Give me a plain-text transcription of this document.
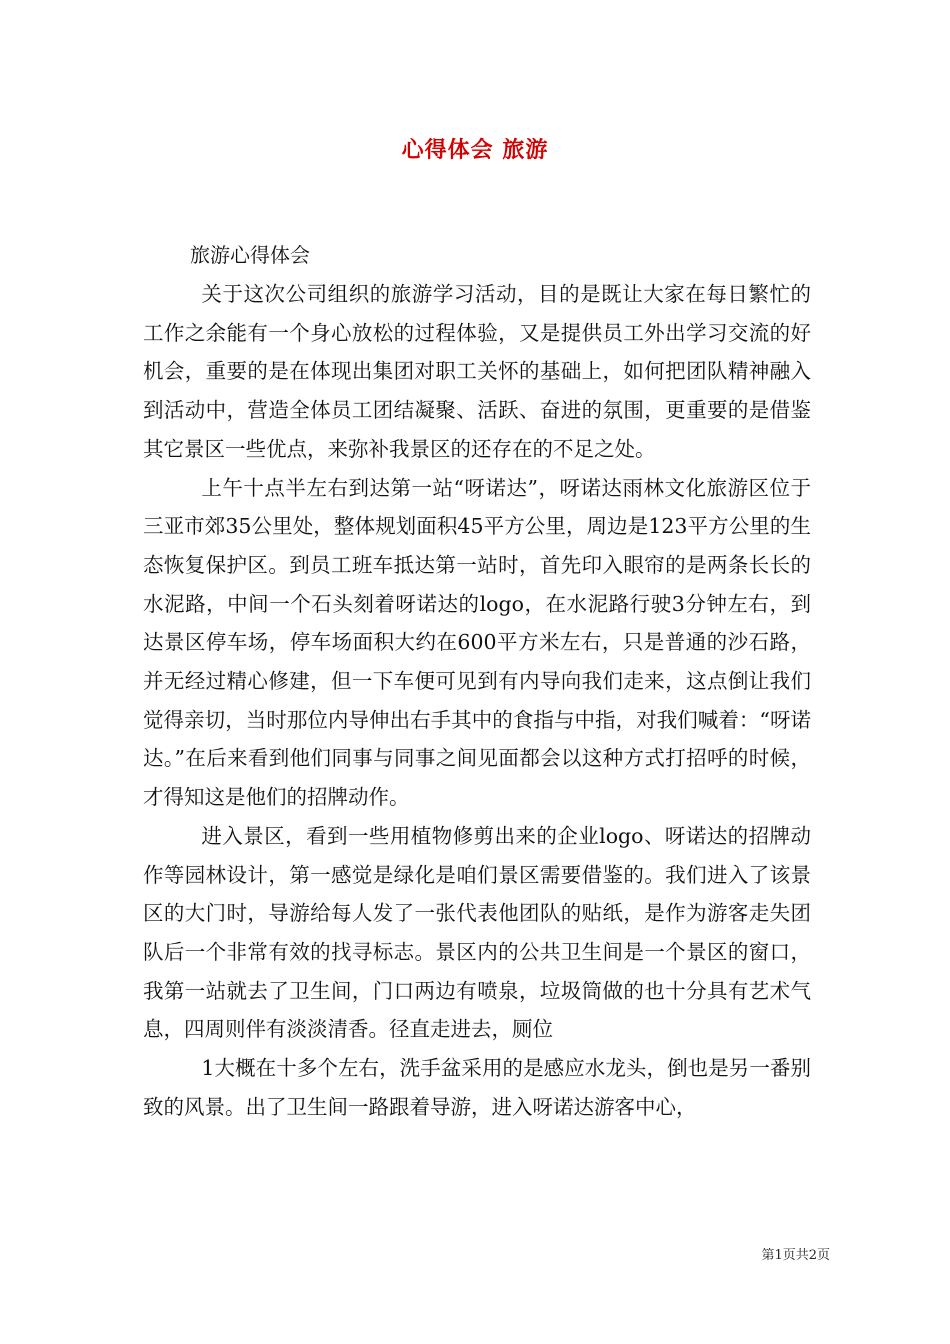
心得体会 旅游
旅游心得体会

关于这次公司组织的旅游学习活动，目的是既让大家在每日繁忙的工作之余能有一个身心放松的过程体验，又是提供员工外出学习交流的好机会，重要的是在体现出集团对职工关怀的基础上，如何把团队精神融入到活动中，营造全体员工团结凝聚、活跃、奋进的氛围，更重要的是借鉴其它景区一些优点，来弥补我景区的还存在的不足之处。

上午十点半左右到达第一站“呀诺达”，呀诺达雨林文化旅游区位于三亚市郊35公里处，整体规划面积45平方公里，周边是123平方公里的生态恢复保护区。到员工班车抵达第一站时，首先印入眼帘的是两条长长的水泥路，中间一个石头刻着呀诺达的logo，在水泥路行驶3分钟左右，到达景区停车场，停车场面积大约在600平方米左右，只是普通的沙石路，并无经过精心修建，但一下车便可见到有内导向我们走来，这点倒让我们觉得亲切，当时那位内导伸出右手其中的食指与中指，对我们喊着：“呀诺达。”在后来看到他们同事与同事之间见面都会以这种方式打招呼的时候，才得知这是他们的招牌动作。

进入景区，看到一些用植物修剪出来的企业logo、呀诺达的招牌动作等园林设计，第一感觉是绿化是咱们景区需要借鉴的。我们进入了该景区的大门时，导游给每人发了一张代表他团队的贴纸，是作为游客走失团队后一个非常有效的找寻标志。景区内的公共卫生间是一个景区的窗口，我第一站就去了卫生间，门口两边有喷泉，垃圾筒做的也十分具有艺术气息，四周则伴有淡淡清香。径直走进去，厕位

1大概在十多个左右，洗手盆采用的是感应水龙头，倒也是另一番别致的风景。出了卫生间一路跟着导游，进入呀诺达游客中心，

第1页共2页
